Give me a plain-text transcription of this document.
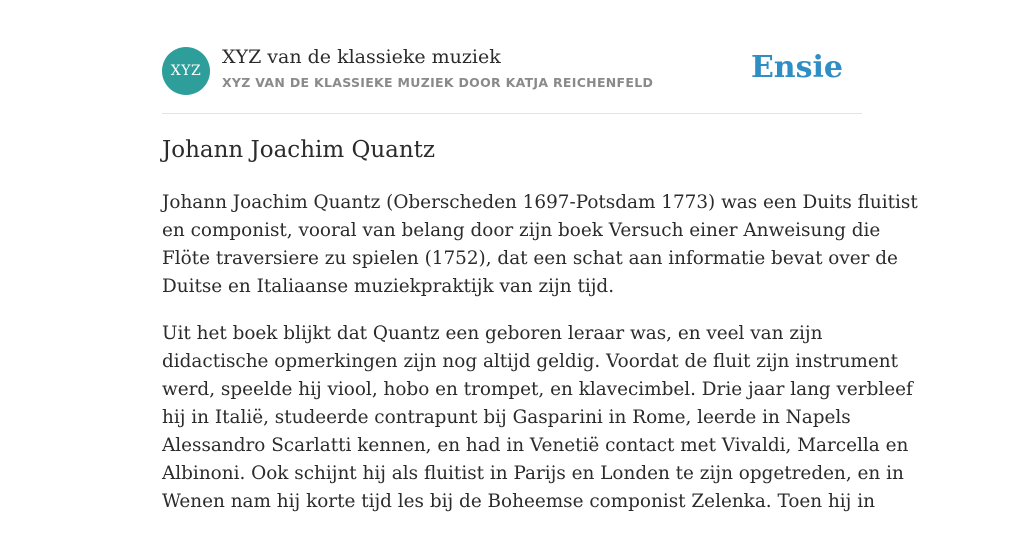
XYZ
XYZ van de klassieke muziek
XYZ VAN DE KLASSIEKE MUZIEK DOOR KATJA REICHENFELD	Ensie
Johann Joachim Quantz

Johann Joachim Quantz (Oberscheden 1697-Potsdam 1773) was een Duits fluitist
en componist, vooral van belang door zijn boek Versuch einer Anweisung die
Flöte traversiere zu spielen (1752), dat een schat aan informatie bevat over de
Duitse en Italiaanse muziekpraktijk van zijn tijd.

Uit het boek blijkt dat Quantz een geboren leraar was, en veel van zijn
didactische opmerkingen zijn nog altijd geldig. Voordat de fluit zijn instrument
werd, speelde hij viool, hobo en trompet, en klavecimbel. Drie jaar lang verbleef
hij in Italië, studeerde contrapunt bij Gasparini in Rome, leerde in Napels
Alessandro Scarlatti kennen, en had in Venetië contact met Vivaldi, Marcella en
Albinoni. Ook schijnt hij als fluitist in Parijs en Londen te zijn opgetreden, en in
Wenen nam hij korte tijd les bij de Boheemse componist Zelenka. Toen hij in
